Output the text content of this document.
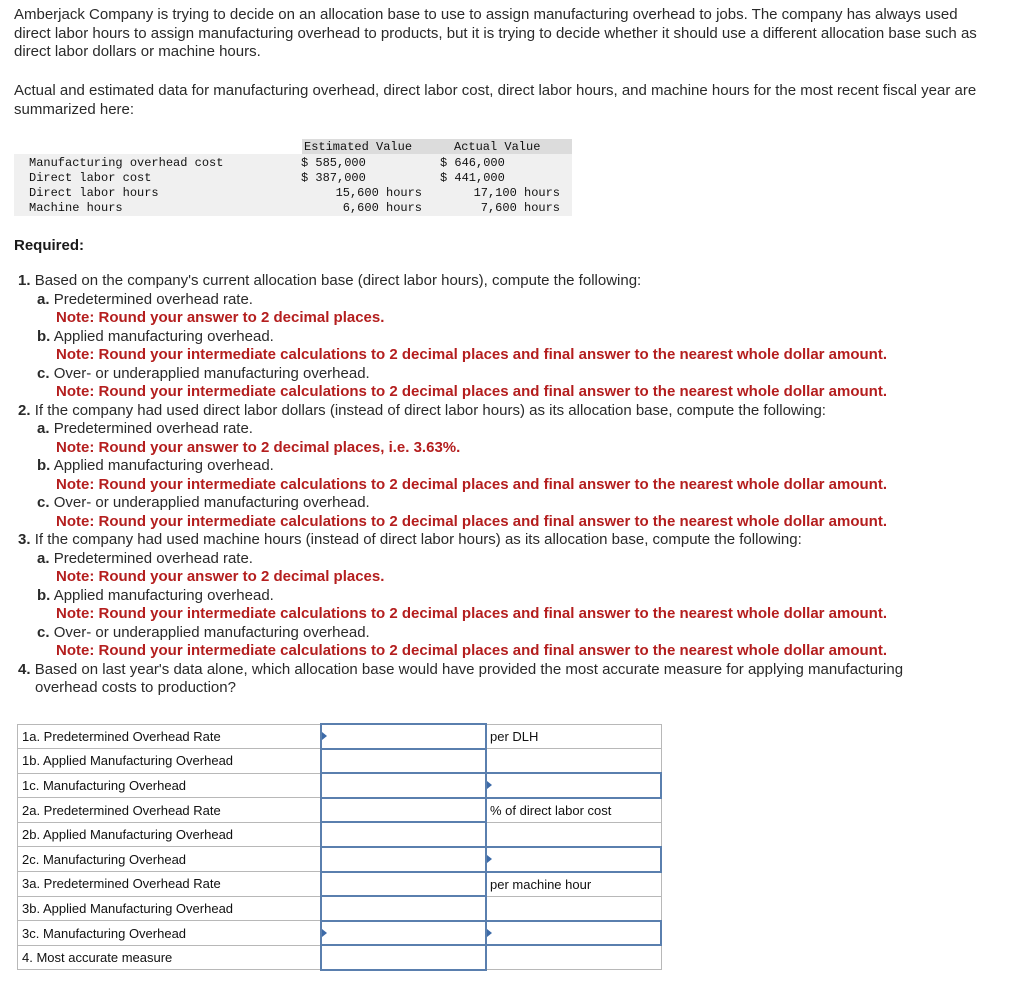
Amberjack Company is trying to decide on an allocation base to use to assign manufacturing overhead to jobs. The company has always used direct labor hours to assign manufacturing overhead to products, but it is trying to decide whether it should use a different allocation base such as direct labor dollars or machine hours.
Actual and estimated data for manufacturing overhead, direct labor cost, direct labor hours, and machine hours for the most recent fiscal year are summarized here:
Estimated Value	Actual Value
Manufacturing overhead cost	$ 585,000	$ 646,000
Direct labor cost	$ 387,000	$ 441,000
Direct labor hours	15,600 hours	17,100 hours
Machine hours	6,600 hours	7,600 hours
Required:
1. Based on the company's current allocation base (direct labor hours), compute the following:
a. Predetermined overhead rate.
Note: Round your answer to 2 decimal places.
b. Applied manufacturing overhead.
Note: Round your intermediate calculations to 2 decimal places and final answer to the nearest whole dollar amount.
c. Over- or underapplied manufacturing overhead.
Note: Round your intermediate calculations to 2 decimal places and final answer to the nearest whole dollar amount.
2. If the company had used direct labor dollars (instead of direct labor hours) as its allocation base, compute the following:
a. Predetermined overhead rate.
Note: Round your answer to 2 decimal places, i.e. 3.63%.
b. Applied manufacturing overhead.
Note: Round your intermediate calculations to 2 decimal places and final answer to the nearest whole dollar amount.
c. Over- or underapplied manufacturing overhead.
Note: Round your intermediate calculations to 2 decimal places and final answer to the nearest whole dollar amount.
3. If the company had used machine hours (instead of direct labor hours) as its allocation base, compute the following:
a. Predetermined overhead rate.
Note: Round your answer to 2 decimal places.
b. Applied manufacturing overhead.
Note: Round your intermediate calculations to 2 decimal places and final answer to the nearest whole dollar amount.
c. Over- or underapplied manufacturing overhead.
Note: Round your intermediate calculations to 2 decimal places and final answer to the nearest whole dollar amount.
4. Based on last year's data alone, which allocation base would have provided the most accurate measure for applying manufacturing
overhead costs to production?
1a. Predetermined Overhead Rate		per DLH
1b. Applied Manufacturing Overhead		
1c. Manufacturing Overhead		

2a. Predetermined Overhead Rate		% of direct labor cost
2b. Applied Manufacturing Overhead		
2c. Manufacturing Overhead		

3a. Predetermined Overhead Rate		per machine hour
3b. Applied Manufacturing Overhead		
3c. Manufacturing Overhead	

4. Most accurate measure		
